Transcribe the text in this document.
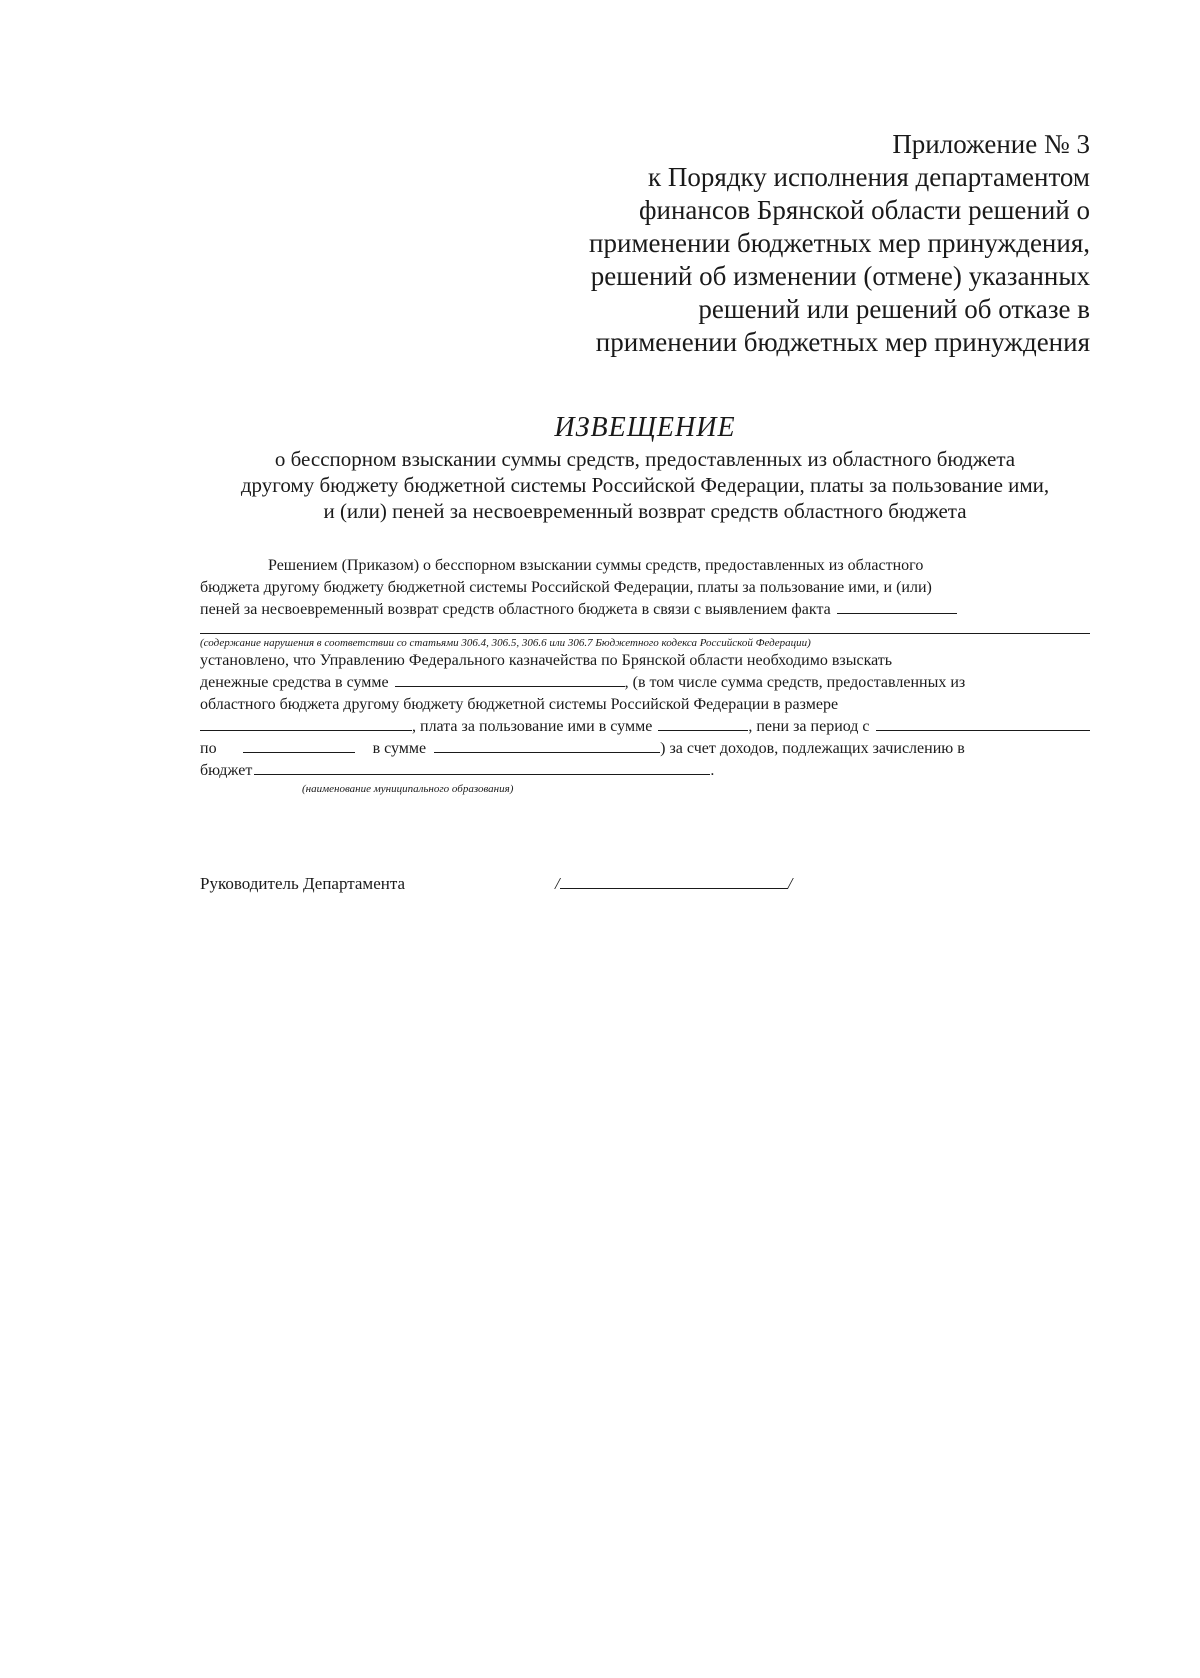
Приложение № 3
к Порядку исполнения департаментом
финансов Брянской области решений о
применении бюджетных мер принуждения,
решений об изменении (отмене) указанных
решений или решений об отказе в
применении бюджетных мер принуждения
ИЗВЕЩЕНИЕ
о бесспорном взыскании суммы средств, предоставленных из областного бюджета
другому бюджету бюджетной системы Российской Федерации, платы за пользование ими,
и (или) пеней за несвоевременный возврат средств областного бюджета
Решением (Приказом) о бесспорном взыскании суммы средств, предоставленных из областного
бюджета другому бюджету бюджетной системы Российской Федерации, платы за пользование ими, и (или)
пеней за несвоевременный возврат средств областного бюджета в связи с выявлением факта
(содержание нарушения в соответствии со статьями 306.4, 306.5, 306.6 или 306.7 Бюджетного кодекса Российской Федерации)
установлено, что Управлению Федерального казначейства по Брянской области необходимо взыскать
денежные средства в сумме	, (в том числе сумма средств, предоставленных из
областного бюджета другому бюджету бюджетной системы Российской Федерации в размере
, плата за пользование ими в сумме	, пени за период с
по	в сумме	) за счет доходов, подлежащих зачислению в
бюджет	.
(наименование муниципального образования)
Руководитель Департамента	/	/
